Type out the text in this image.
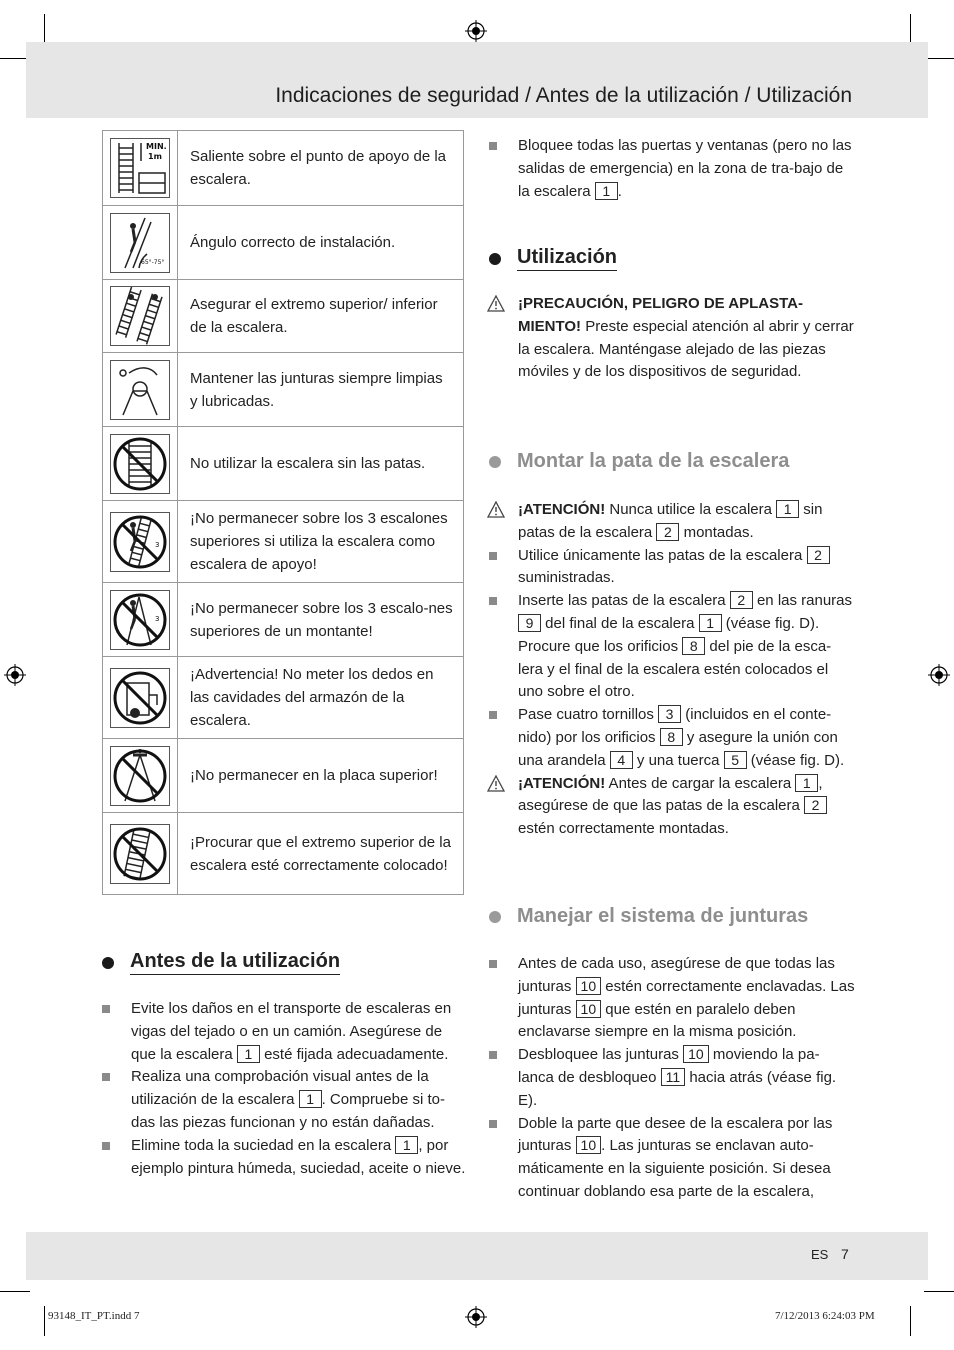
Indicaciones de seguridad / Antes de la utilización / Utilización
MIN.
1m	Saliente sobre el punto de apoyo de la escalera.

65°-75°	Ángulo correcto de instalación.

	Asegurar el extremo superior/ inferior de la escalera.

	Mantener las junturas siempre limpias y lubricadas.

	No utilizar la escalera sin las patas.

3	¡No permanecer sobre los 3 escalones superiores si utiliza la escalera como escalera de apoyo!

3	¡No permanecer sobre los 3 escalo-nes superiores de un montante!

	¡Advertencia! No meter los dedos en las cavidades del armazón de la escalera.

	¡No permanecer en la placa superior!

	¡Procurar que el extremo superior de la escalera esté correctamente colocado!
Antes de la utilización
Evite los daños en el transporte de escaleras en vigas del tejado o en un camión. Asegúrese de que la escalera 1 esté fijada adecuadamente.
Realiza una comprobación visual antes de la utilización de la escalera 1 . Compruebe si to-das las piezas funcionan y no están dañadas.
Elimine toda la suciedad en la escalera 1 , por ejemplo pintura húmeda, suciedad, aceite o nieve.
Bloquee todas las puertas y ventanas (pero no las salidas de emergencia) en la zona de tra-bajo de la escalera 1 .
Utilización
¡PRECAUCIÓN, PELIGRO DE APLASTA-MIENTO! Preste especial atención al abrir y cerrar la escalera. Manténgase alejado de las piezas móviles y de los dispositivos de seguridad.
Montar la pata de la escalera
¡ATENCIÓN! Nunca utilice la escalera 1 sin patas de la escalera 2 montadas.
Utilice únicamente las patas de la escalera 2 suministradas.
Inserte las patas de la escalera 2 en las ranuras 9 del final de la escalera 1 (véase fig. D). Procure que los orificios 8 del pie de la esca-lera y el final de la escalera estén colocados el uno sobre el otro.
Pase cuatro tornillos 3 (incluidos en el conte-nido) por los orificios 8 y asegure la unión con una arandela 4 y una tuerca 5 (véase fig. D).
¡ATENCIÓN! Antes de cargar la escalera 1 , asegúrese de que las patas de la escalera 2 estén correctamente montadas.
Manejar el sistema de junturas
Antes de cada uso, asegúrese de que todas las junturas 10 estén correctamente enclavadas. Las junturas 10 que estén en paralelo deben enclavarse siempre en la misma posición.
Desbloquee las junturas 10 moviendo la pa-lanca de desbloqueo 11 hacia atrás (véase fig. E).
Doble la parte que desee de la escalera por las junturas 10 . Las junturas se enclavan auto-máticamente en la siguiente posición. Si desea continuar doblando esa parte de la escalera,
ES 7
93148_IT_PT.indd 7	7/12/2013 6:24:03 PM
